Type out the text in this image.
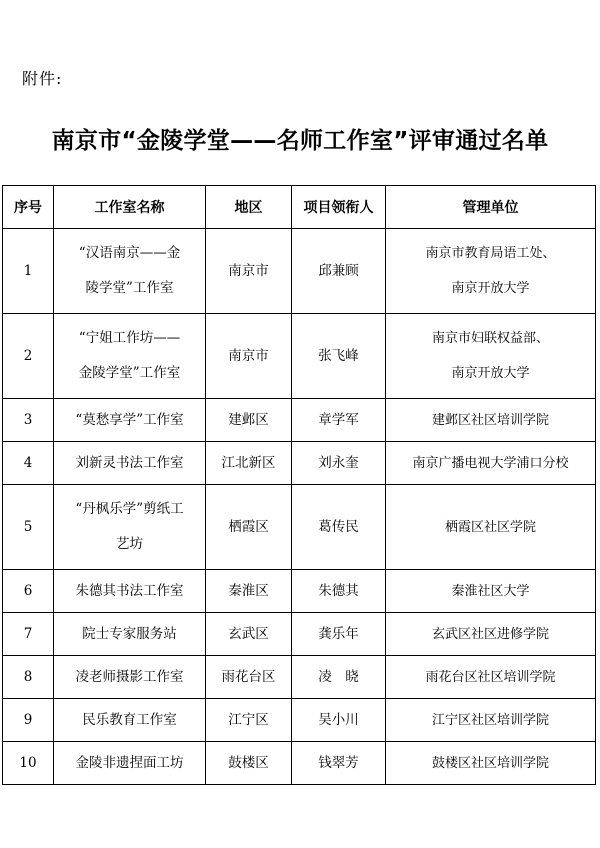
附件:
南京市“金陵学堂——名师工作室”评审通过名单
序号	工作室名称	地区	项目领衔人	管理单位
1	“汉语南京——金
陵学堂”工作室	南京市	邱兼顾	南京市教育局语工处、
南京开放大学

2	“宁姐工作坊——
金陵学堂”工作室	南京市	张飞峰	南京市妇联权益部、
南京开放大学

3	“莫愁享学”工作室	建邺区	章学军	建邺区社区培训学院

4	刘新灵书法工作室	江北新区	刘永奎	南京广播电视大学浦口分校

5	“丹枫乐学”剪纸工
艺坊	栖霞区	葛传民	栖霞区社区学院

6	朱德其书法工作室	秦淮区	朱德其	秦淮社区大学

7	院士专家服务站	玄武区	龚乐年	玄武区社区进修学院

8	凌老师摄影工作室	雨花台区	凌　晓	雨花台区社区培训学院

9	民乐教育工作室	江宁区	吴小川	江宁区社区培训学院

10	金陵非遗捏面工坊	鼓楼区	钱翠芳	鼓楼区社区培训学院
